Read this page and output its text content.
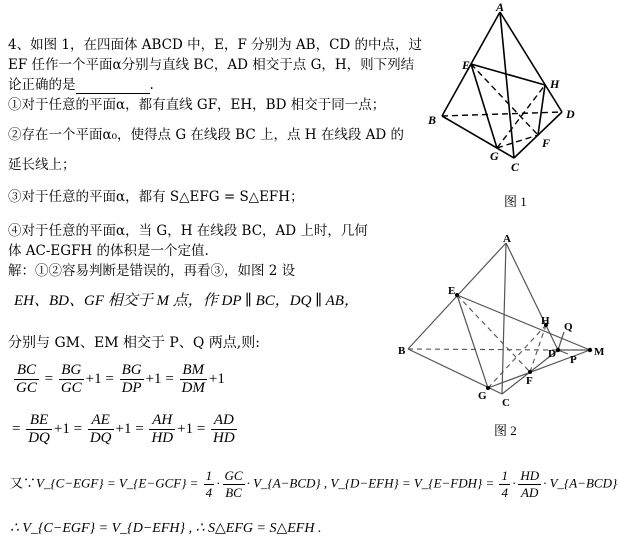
4、如图 1，在四面体 ABCD 中，E，F 分别为 AB，CD 的中点，过
EF 任作一个平面α分别与直线 BC，AD 相交于点 G，H，则下列结
论正确的是	.
①对于任意的平面α，都有直线 GF，EH，BD 相交于同一点；
②存在一个平面α₀，使得点 G 在线段 BC 上，点 H 在线段 AD 的
延长线上；
③对于任意的平面α，都有 S△EFG = S△EFH；
④对于任意的平面α，当 G，H 在线段 BC，AD 上时，几何
体 AC-EGFH 的体积是一个定值.
解：①②容易判断是错误的，再看③，如图 2 设
EH、BD、GF 相交于 M 点，作 DP ∥ BC，DQ ∥ AB，
分别与 GM、EM 相交于 P、Q 两点,则:
$\frac{BC}{GC} = \frac{BG}{GC} +1 = \frac{BG}{DP} +1 = \frac{BM}{DM} +1$
= $\frac{BE}{DQ} +1 = \frac{AE}{DQ} +1 = \frac{AH}{HD} +1 = \frac{AD}{HD}$
又∵V_{C−EGF} = V_{E−GCF} = $\frac{1}{4} \cdot \frac{GC}{BC}$ · V_{A−BCD} , V_{D−EFH} = V_{E−FDH} = $\frac{1}{4} \cdot \frac{HD}{AD}$ · V_{A−BCD}
∴ V_{C−EGF} = V_{D−EFH} , ∴ S△EFG = S△EFH .
A
B
C
D
E
F
G
H
图 1
A
B
C
D
E
F
G
H
M
P
Q
图 2
